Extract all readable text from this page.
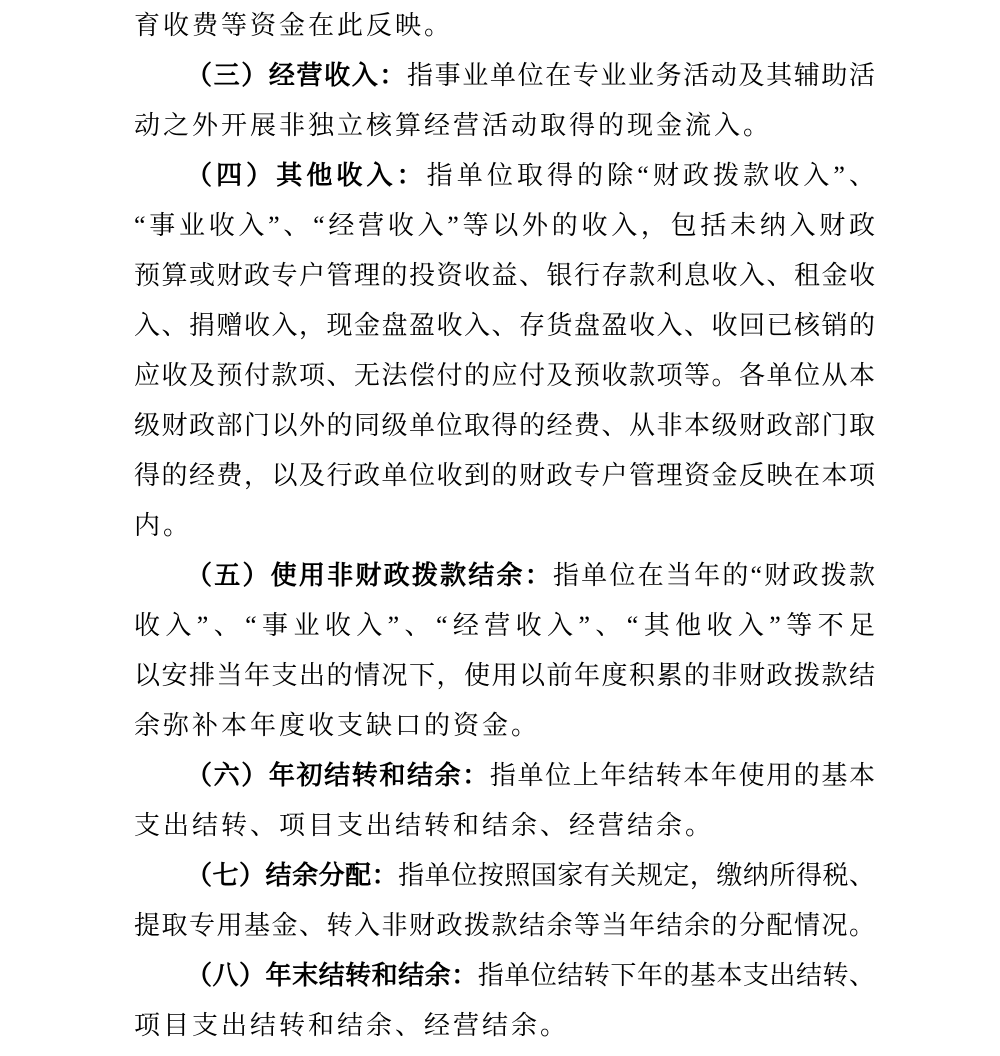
育收费等资金在此反映。
（三）经营收入：指事业单位在专业业务活动及其辅助活
动之外开展非独立核算经营活动取得的现金流入。
（四）其他收入：指单位取得的除“财政拨款收入”、
“事业收入”、“经营收入”等以外的收入，包括未纳入财政
预算或财政专户管理的投资收益、银行存款利息收入、租金收
入、捐赠收入，现金盘盈收入、存货盘盈收入、收回已核销的
应收及预付款项、无法偿付的应付及预收款项等。各单位从本
级财政部门以外的同级单位取得的经费、从非本级财政部门取
得的经费，以及行政单位收到的财政专户管理资金反映在本项
内。
（五）使用非财政拨款结余：指单位在当年的“财政拨款
收入”、“事业收入”、“经营收入”、“其他收入”等不足
以安排当年支出的情况下，使用以前年度积累的非财政拨款结
余弥补本年度收支缺口的资金。
（六）年初结转和结余：指单位上年结转本年使用的基本
支出结转、项目支出结转和结余、经营结余。
（七）结余分配：指单位按照国家有关规定，缴纳所得税、
提取专用基金、转入非财政拨款结余等当年结余的分配情况。
（八）年末结转和结余：指单位结转下年的基本支出结转、
项目支出结转和结余、经营结余。
